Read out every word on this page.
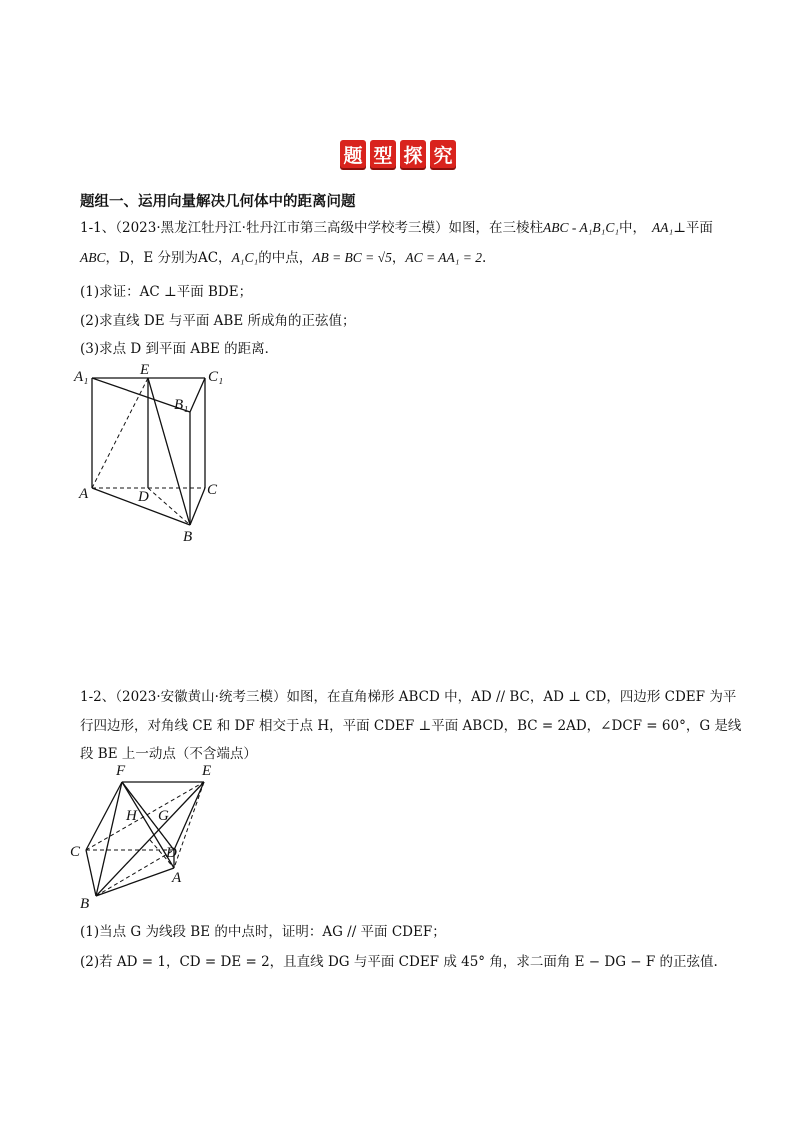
题 型 探 究
题组一、运用向量解决几何体中的距离问题
1-1、（2023·黑龙江牡丹江·牡丹江市第三高级中学校考三模）如图，在三棱柱ABC - A₁B₁C₁中， AA₁⊥平面
ABC，D，E 分别为AC，A₁C₁的中点，AB = BC = √5，AC = AA₁ = 2.
(1)求证：AC ⊥平面 BDE；
(2)求直线 DE 与平面 ABE 所成角的正弦值；
(3)求点 D 到平面 ABE 的距离．
A₁	E	C₁
B₁
A	D	C
B
1-2、（2023·安徽黄山·统考三模）如图，在直角梯形 ABCD 中，AD // BC，AD ⊥ CD，四边形 CDEF 为平
行四边形，对角线 CE 和 DF 相交于点 H，平面 CDEF ⊥平面 ABCD，BC = 2AD，∠DCF = 60°，G 是线
段 BE 上一动点（不含端点）
F	E
H G
C	D
A
B
(1)当点 G 为线段 BE 的中点时，证明：AG // 平面 CDEF；
(2)若 AD = 1，CD = DE = 2，且直线 DG 与平面 CDEF 成 45° 角，求二面角 E − DG − F 的正弦值.
